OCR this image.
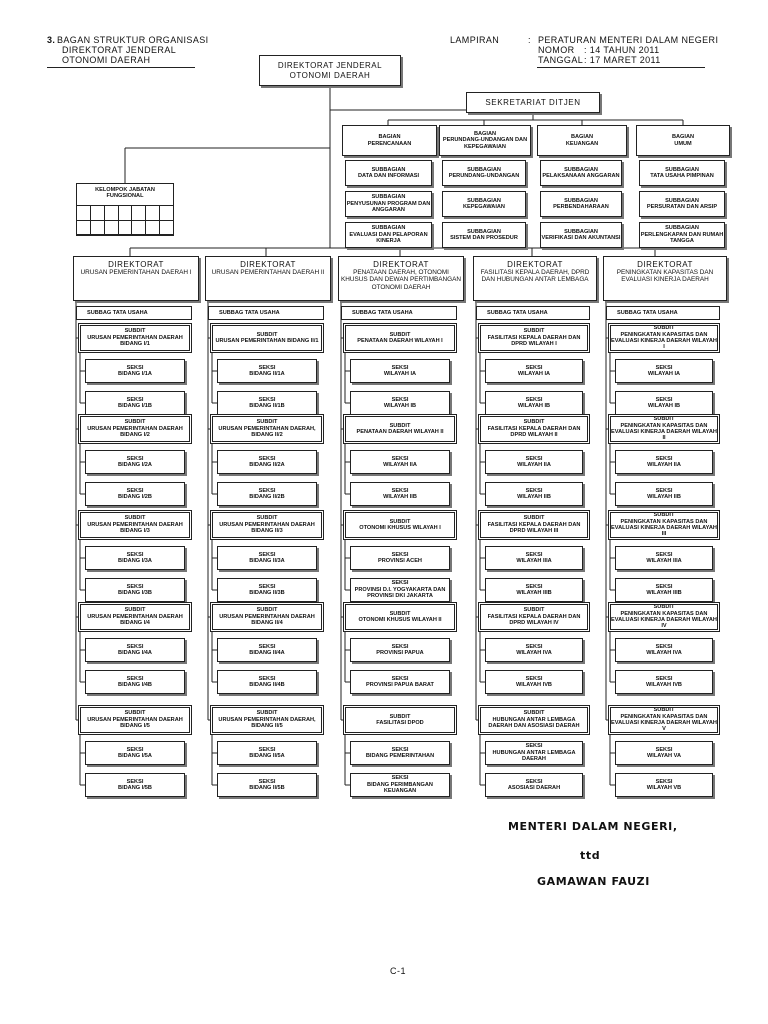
3. BAGAN STRUKTUR ORGANISASI
DIREKTORAT JENDERAL
OTONOMI DAERAH
LAMPIRAN	: PERATURAN MENTERI DALAM NEGERI
NOMOR : 14 TAHUN 2011
TANGGAL : 17 MARET 2011
DIREKTORAT JENDERAL
OTONOMI DAERAH
SEKRETARIAT DITJEN
KELOMPOK JABATAN
FUNGSIONAL

BAGIAN
PERENCANAAN
SUBBAGIAN
DATA DAN INFORMASI
SUBBAGIAN
PENYUSUNAN PROGRAM DAN ANGGARAN
SUBBAGIAN
EVALUASI DAN PELAPORAN KINERJA
BAGIAN
PERUNDANG-UNDANGAN DAN KEPEGAWAIAN
SUBBAGIAN
PERUNDANG-UNDANGAN
SUBBAGIAN
KEPEGAWAIAN
SUBBAGIAN
SISTEM DAN PROSEDUR
BAGIAN
KEUANGAN
SUBBAGIAN
PELAKSANAAN ANGGARAN
SUBBAGIAN
PERBENDAHARAAN
SUBBAGIAN
VERIFIKASI DAN AKUNTANSI
BAGIAN
UMUM
SUBBAGIAN
TATA USAHA PIMPINAN
SUBBAGIAN
PERSURATAN DAN ARSIP
SUBBAGIAN
PERLENGKAPAN DAN RUMAH TANGGA
DIREKTORAT
URUSAN PEMERINTAHAN DAERAH I
SUBBAG TATA USAHA
SUBDIT
URUSAN PEMERINTAHAN DAERAH BIDANG I/1
SEKSI
BIDANG I/1A
SEKSI
BIDANG I/1B
SUBDIT
URUSAN PEMERINTAHAN DAERAH BIDANG I/2
SEKSI
BIDANG I/2A
SEKSI
BIDANG I/2B
SUBDIT
URUSAN PEMERINTAHAN DAERAH BIDANG I/3
SEKSI
BIDANG I/3A
SEKSI
BIDANG I/3B
SUBDIT
URUSAN PEMERINTAHAN DAERAH BIDANG I/4
SEKSI
BIDANG I/4A
SEKSI
BIDANG I/4B
SUBDIT
URUSAN PEMERINTAHAN DAERAH BIDANG I/5
SEKSI
BIDANG I/5A
SEKSI
BIDANG I/5B
DIREKTORAT
URUSAN PEMERINTAHAN DAERAH II
SUBBAG TATA USAHA
SUBDIT
URUSAN PEMERINTAHAN BIDANG II/1
SEKSI
BIDANG II/1A
SEKSI
BIDANG II/1B
SUBDIT
URUSAN PEMERINTAHAN DAERAH, BIDANG II/2
SEKSI
BIDANG II/2A
SEKSI
BIDANG II/2B
SUBDIT
URUSAN PEMERINTAHAN DAERAH BIDANG II/3
SEKSI
BIDANG II/3A
SEKSI
BIDANG II/3B
SUBDIT
URUSAN PEMERINTAHAN DAERAH BIDANG II/4
SEKSI
BIDANG II/4A
SEKSI
BIDANG II/4B
SUBDIT
URUSAN PEMERINTAHAN DAERAH, BIDANG II/5
SEKSI
BIDANG II/5A
SEKSI
BIDANG II/5B
DIREKTORAT
PENATAAN DAERAH, OTONOMI KHUSUS DAN DEWAN PERTIMBANGAN OTONOMI DAERAH
SUBBAG TATA USAHA
SUBDIT
PENATAAN DAERAH WILAYAH I
SEKSI
WILAYAH IA
SEKSI
WILAYAH IB
SUBDIT
PENATAAN DAERAH WILAYAH II
SEKSI
WILAYAH IIA
SEKSI
WILAYAH IIB
SUBDIT
OTONOMI KHUSUS WILAYAH I
SEKSI
PROVINSI ACEH
SEKSI
PROVINSI D.I. YOGYAKARTA DAN PROVINSI DKI JAKARTA
SUBDIT
OTONOMI KHUSUS WILAYAH II
SEKSI
PROVINSI PAPUA
SEKSI
PROVINSI PAPUA BARAT
SUBDIT
FASILITASI DPOD
SEKSI
BIDANG PEMERINTAHAN
SEKSI
BIDANG PERIMBANGAN KEUANGAN
DIREKTORAT
FASILITASI KEPALA DAERAH, DPRD DAN HUBUNGAN ANTAR LEMBAGA
SUBBAG TATA USAHA
SUBDIT
FASILITASI KEPALA DAERAH DAN DPRD WILAYAH I
SEKSI
WILAYAH IA
SEKSI
WILAYAH IB
SUBDIT
FASILITASI KEPALA DAERAH DAN DPRD WILAYAH II
SEKSI
WILAYAH IIA
SEKSI
WILAYAH IIB
SUBDIT
FASILITASI KEPALA DAERAH DAN DPRD WILAYAH III
SEKSI
WILAYAH IIIA
SEKSI
WILAYAH IIIB
SUBDIT
FASILITASI KEPALA DAERAH DAN DPRD WILAYAH IV
SEKSI
WILAYAH IVA
SEKSI
WILAYAH IVB
SUBDIT
HUBUNGAN ANTAR LEMBAGA DAERAH DAN ASOSIASI DAERAH
SEKSI
HUBUNGAN ANTAR LEMBAGA DAERAH
SEKSI
ASOSIASI DAERAH
DIREKTORAT
PENINGKATAN KAPASITAS DAN EVALUASI KINERJA DAERAH
SUBBAG TATA USAHA
SUBDIT
PENINGKATAN KAPASITAS DAN EVALUASI KINERJA DAERAH WILAYAH I
SEKSI
WILAYAH IA
SEKSI
WILAYAH IB
SUBDIT
PENINGKATAN KAPASITAS DAN EVALUASI KINERJA DAERAH WILAYAH II
SEKSI
WILAYAH IIA
SEKSI
WILAYAH IIB
SUBDIT
PENINGKATAN KAPASITAS DAN EVALUASI KINERJA DAERAH WILAYAH III
SEKSI
WILAYAH IIIA
SEKSI
WILAYAH IIIB
SUBDIT
PENINGKATAN KAPASITAS DAN EVALUASI KINERJA DAERAH WILAYAH IV
SEKSI
WILAYAH IVA
SEKSI
WILAYAH IVB
SUBDIT
PENINGKATAN KAPASITAS DAN EVALUASI KINERJA DAERAH WILAYAH V
SEKSI
WILAYAH VA
SEKSI
WILAYAH VB
MENTERI DALAM NEGERI,
ttd
GAMAWAN FAUZI
C-1
